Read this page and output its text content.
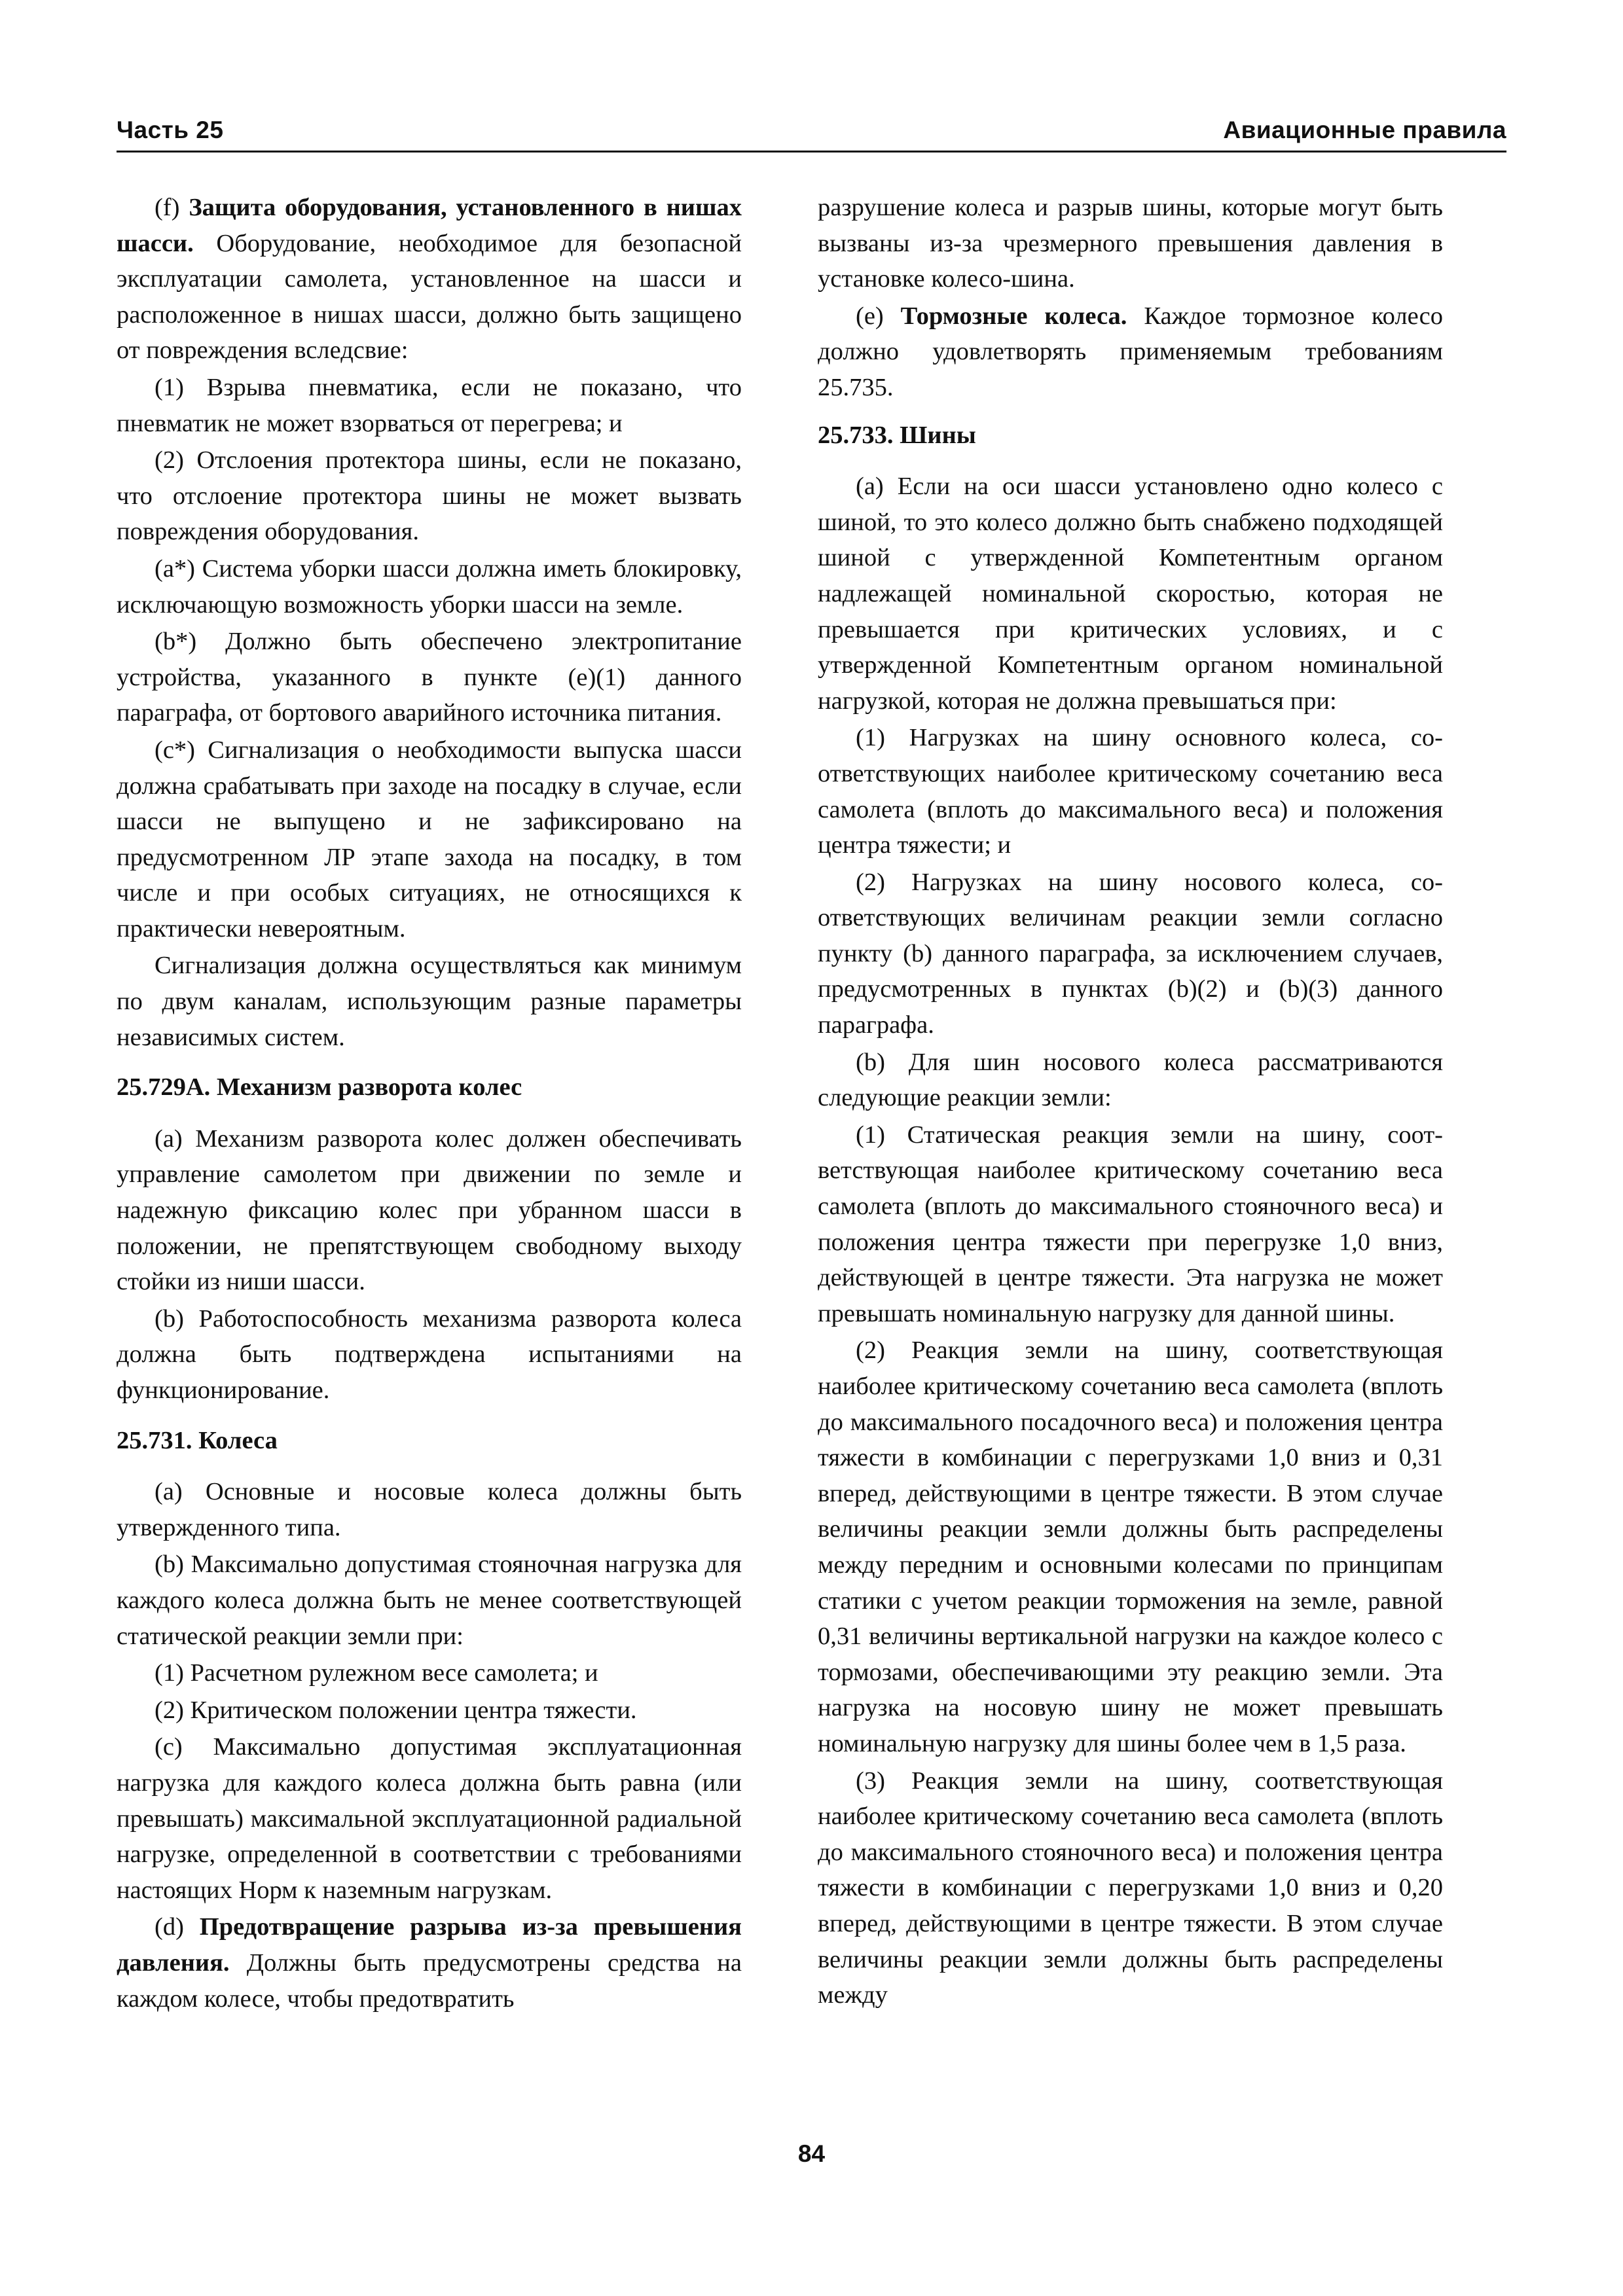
Часть 25	Авиационные правила

(f) Защита оборудования, установленного в нишах шасси. Оборудование, необходимое для безопасной эксплуатации самолета, установленное на шасси и расположенное в нишах шасси, должно быть защищено от повреждения вследсвие:

(1) Взрыва пневматика, если не показано, что пневматик не может взорваться от перегрева; и

(2) Отслоения протектора шины, если не показано, что отслоение протектора шины не может вызвать повреждения оборудования.

(a*) Система уборки шасси должна иметь блокировку, исключающую возможность уборки шасси на земле.

(b*) Должно быть обеспечено электропитание устройства, указанного в пункте (e)(1) данного параграфа, от бортового аварийного источника питания.

(c*) Сигнализация о необходимости выпуска шасси должна срабатывать при заходе на посадку в случае, если шасси не выпущено и не зафиксировано на предусмотренном ЛР этапе захода на посадку, в том числе и при особых ситуациях, не относящихся к практически невероятным.

Сигнализация должна осуществляться как минимум по двум каналам, использующим разные параметры независимых систем.

25.729А. Механизм разворота колес

(a) Механизм разворота колес должен обеспечивать управление самолетом при движении по земле и надежную фиксацию колес при убранном шасси в положении, не препятствующем свободному выходу стойки из ниши шасси.

(b) Работоспособность механизма разворота колеса должна быть подтверждена испытаниями на функционирование.

25.731. Колеса

(a) Основные и носовые колеса должны быть утвержденного типа.

(b) Максимально допустимая стояночная нагрузка для каждого колеса должна быть не менее соответствующей статической реакции земли при:

(1) Расчетном рулежном весе самолета; и

(2) Критическом положении центра тяжести.

(c) Максимально допустимая эксплуатационная нагрузка для каждого колеса должна быть равна (или превышать) максимальной эксплуатационной радиальной нагрузке, определенной в соответствии с требованиями настоящих Норм к наземным нагрузкам.

(d) Предотвращение разрыва из-за превышения давления. Должны быть предусмотрены средства на каждом колесе, чтобы предотвратить

разрушение колеса и разрыв шины, которые могут быть вызваны из-за чрезмерного превышения давления в установке колесо-шина.

(e) Тормозные колеса. Каждое тормозное колесо должно удовлетворять применяемым требованиям 25.735.

25.733. Шины

(a) Если на оси шасси установлено одно колесо с шиной, то это колесо должно быть снабжено подходящей шиной с утвержденной Компетентным органом надлежащей номинальной скоростью, которая не превышается при критических условиях, и с утвержденной Компетентным органом номинальной нагрузкой, которая не должна превышаться при:

(1) Нагрузках на шину основного колеса, соответствующих наиболее критическому сочетанию веса самолета (вплоть до максимального веса) и положения центра тяжести; и

(2) Нагрузках на шину носового колеса, соответствующих величинам реакции земли согласно пункту (b) данного параграфа, за исключением случаев, предусмотренных в пунктах (b)(2) и (b)(3) данного параграфа.

(b) Для шин носового колеса рассматриваются следующие реакции земли:

(1) Статическая реакция земли на шину, соответствующая наиболее критическому сочетанию веса самолета (вплоть до максимального стояночного веса) и положения центра тяжести при перегрузке 1,0 вниз, действующей в центре тяжести. Эта нагрузка не может превышать номинальную нагрузку для данной шины.

(2) Реакция земли на шину, соответствующая наиболее критическому сочетанию веса самолета (вплоть до максимального посадочного веса) и положения центра тяжести в комбинации с перегрузками 1,0 вниз и 0,31 вперед, действующими в центре тяжести. В этом случае величины реакции земли должны быть распределены между передним и основными колесами по принципам статики с учетом реакции торможения на земле, равной 0,31 величины вертикальной нагрузки на каждое колесо с тормозами, обеспечивающими эту реакцию земли. Эта нагрузка на носовую шину не может превышать номинальную нагрузку для шины более чем в 1,5 раза.

(3) Реакция земли на шину, соответствующая наиболее критическому сочетанию веса самолета (вплоть до максимального стояночного веса) и положения центра тяжести в комбинации с перегрузками 1,0 вниз и 0,20 вперед, действующими в центре тяжести. В этом случае величины реакции земли должны быть распределены между

84
